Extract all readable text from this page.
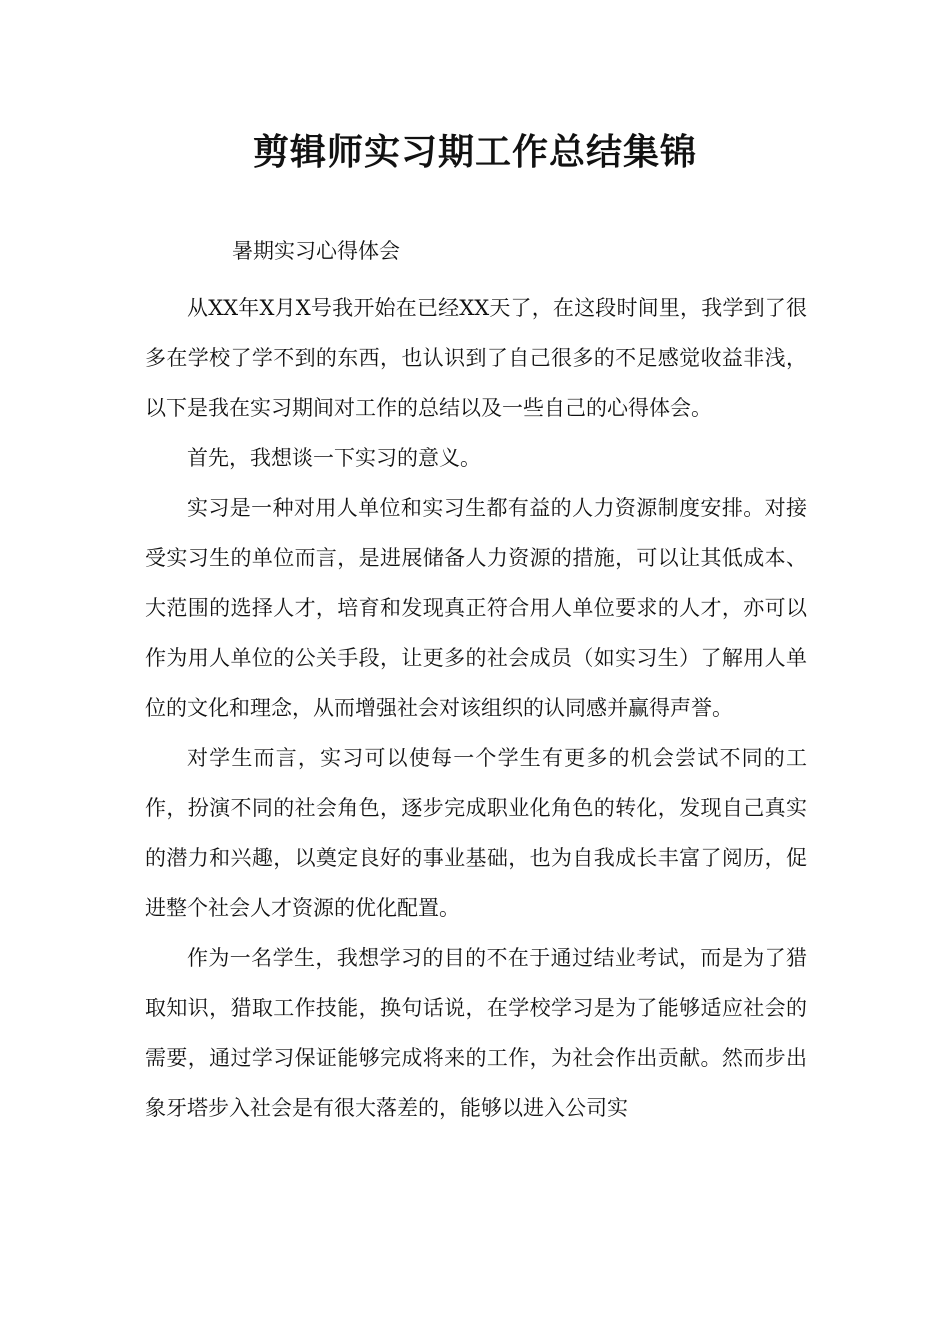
剪辑师实习期工作总结集锦
暑期实习心得体会

从XX年X月X号我开始在已经XX天了，在这段时间里，我学到了很多在学校了学不到的东西，也认识到了自己很多的不足感觉收益非浅，以下是我在实习期间对工作的总结以及一些自己的心得体会。

首先，我想谈一下实习的意义。

实习是一种对用人单位和实习生都有益的人力资源制度安排。对接受实习生的单位而言，是进展储备人力资源的措施，可以让其低成本、大范围的选择人才，培育和发现真正符合用人单位要求的人才，亦可以作为用人单位的公关手段，让更多的社会成员（如实习生）了解用人单位的文化和理念，从而增强社会对该组织的认同感并赢得声誉。

对学生而言，实习可以使每一个学生有更多的机会尝试不同的工作，扮演不同的社会角色，逐步完成职业化角色的转化，发现自己真实的潜力和兴趣，以奠定良好的事业基础，也为自我成长丰富了阅历，促进整个社会人才资源的优化配置。

作为一名学生，我想学习的目的不在于通过结业考试，而是为了猎取知识，猎取工作技能，换句话说，在学校学习是为了能够适应社会的需要，通过学习保证能够完成将来的工作，为社会作出贡献。然而步出象牙塔步入社会是有很大落差的，能够以进入公司实
